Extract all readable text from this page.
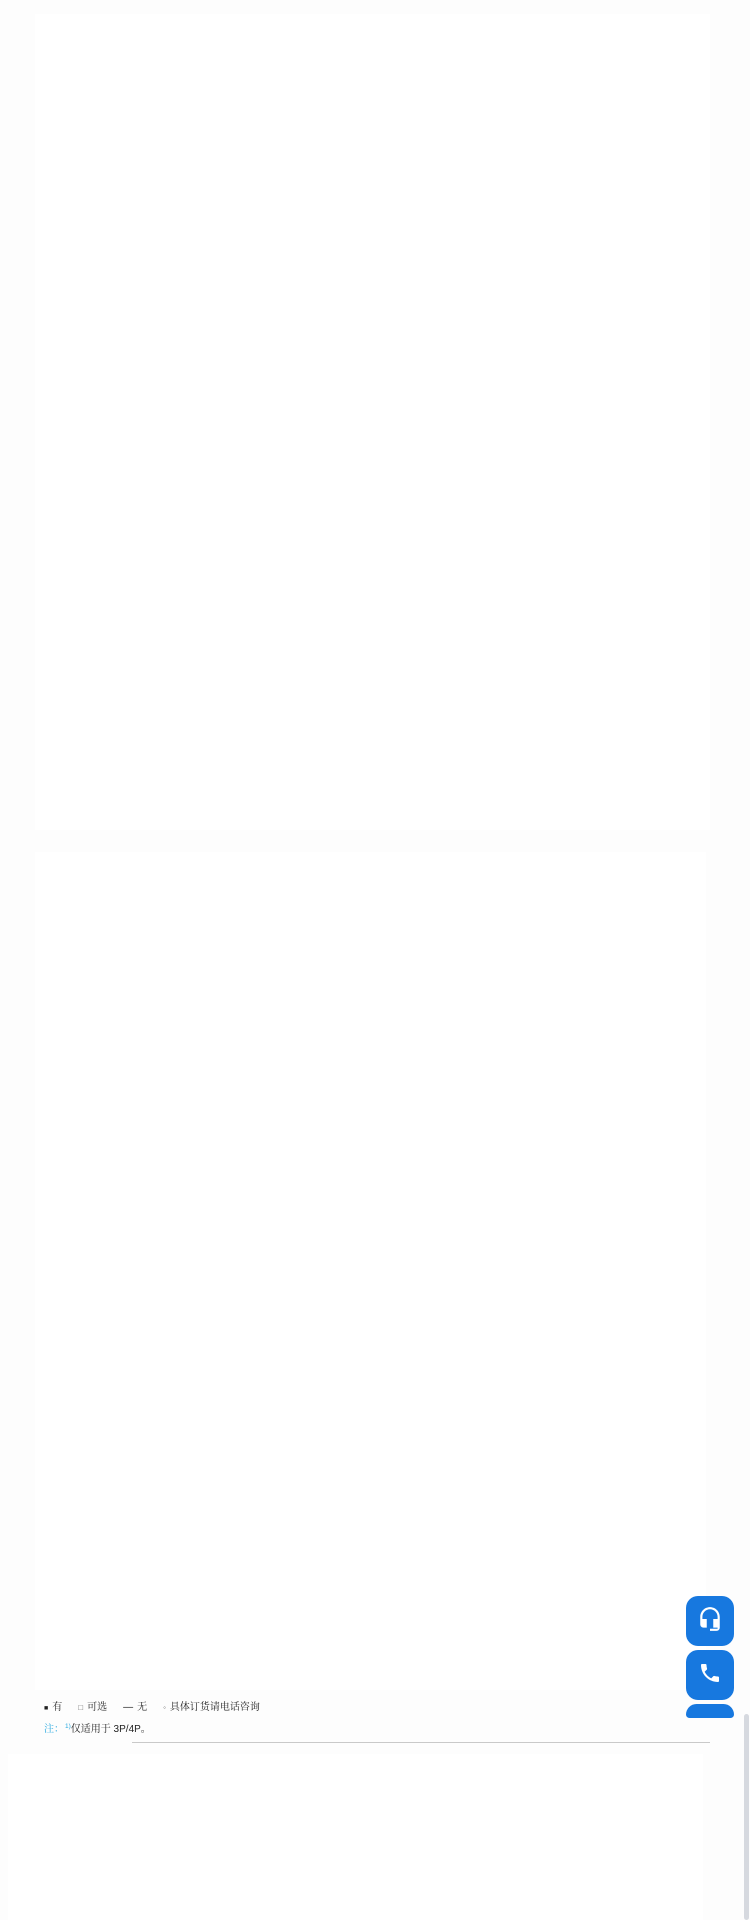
■ 有 □ 可选 — 无 ◦ 具体订货请电话咨询
注：$^{1)}$仅适用于 3P/4P。
